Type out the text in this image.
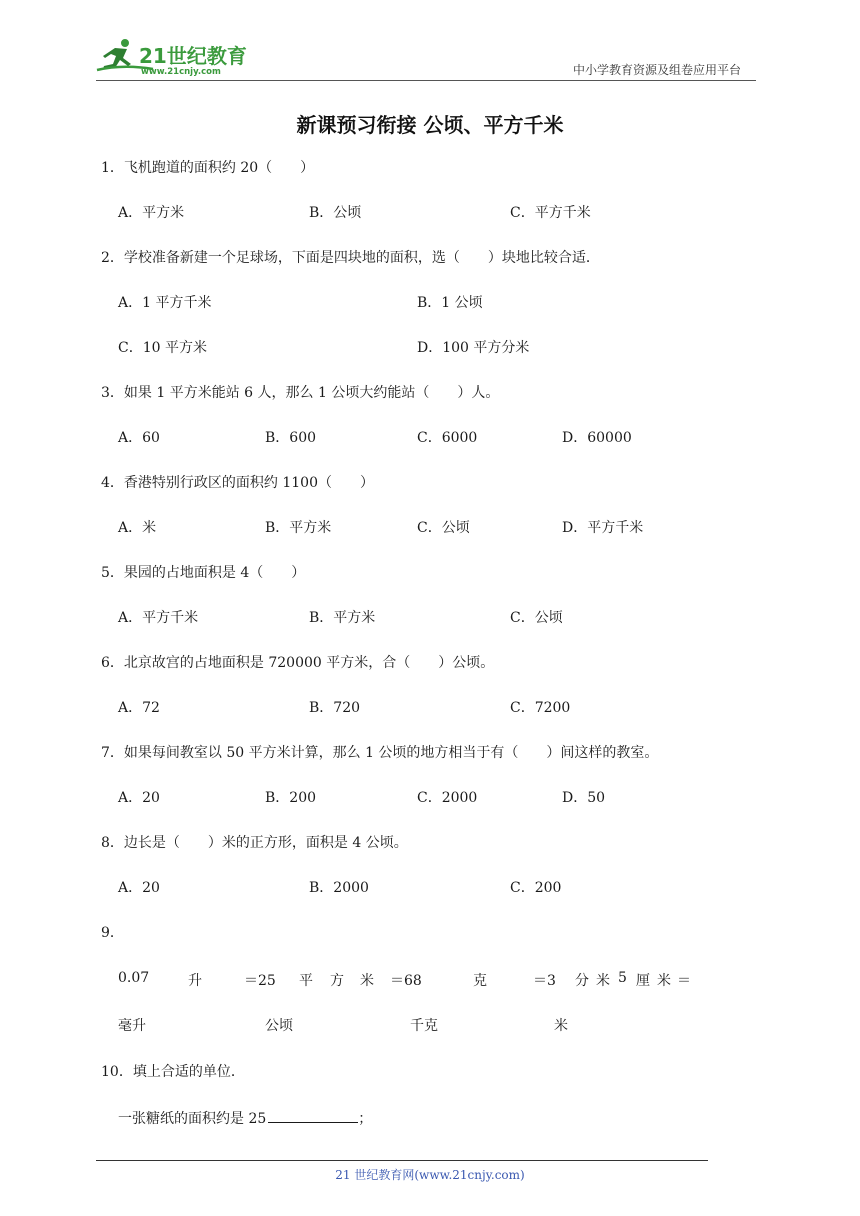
21世纪教育
www.21cnjy.com	中小学教育资源及组卷应用平台
新课预习衔接 公顷、平方千米
1．飞机跑道的面积约 20（　　）
A．平方米	B．公顷	C．平方千米
2．学校准备新建一个足球场，下面是四块地的面积，选（　　）块地比较合适．
A．1 平方千米	B．1 公顷
C．10 平方米	D．100 平方分米
3．如果 1 平方米能站 6 人，那么 1 公顷大约能站（　　）人。
A．60	B．600	C．6000	D．60000
4．香港特别行政区的面积约 1100（　　）
A．米	B．平方米	C．公顷	D．平方千米
5．果园的占地面积是 4（　　）
A．平方千米	B．平方米	C．公顷
6．北京故宫的占地面积是 720000 平方米，合（　　）公顷。
A．72	B．720	C．7200
7．如果每间教室以 50 平方米计算，那么 1 公顷的地方相当于有（　　）间这样的教室。
A．20	B．200	C．2000	D．50
8．边长是（　　）米的正方形，面积是 4 公顷。
A．20	B．2000	C．200
9．
0.07	升	＝25 平 方 米 ＝68	克	＝3 分 米 5 厘 米 ＝
毫升	公顷	千克	米
10．填上合适的单位．
一张糖纸的面积约是 25	；
21 世纪教育网(www.21cnjy.com)
